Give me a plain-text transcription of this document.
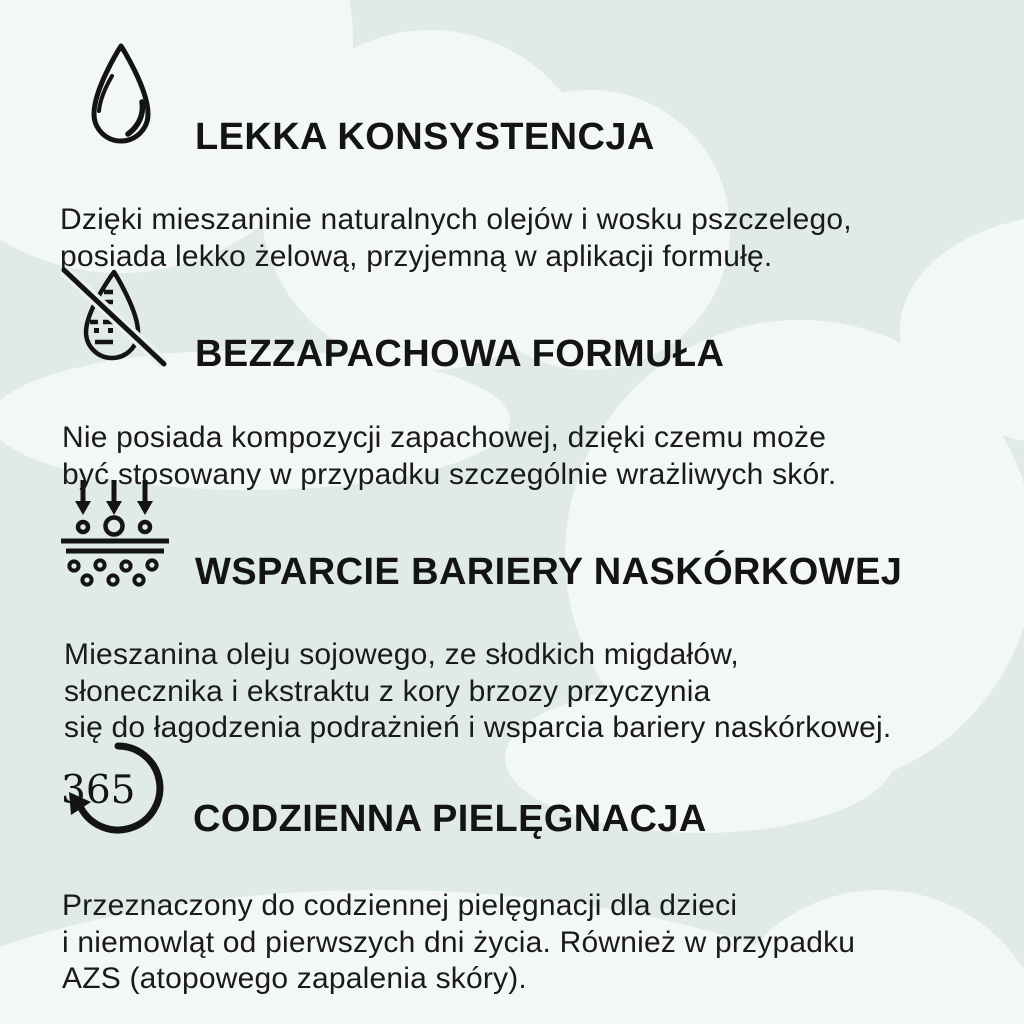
LEKKA KONSYSTENCJA

Dzięki mieszaninie naturalnych olejów i wosku pszczelego,
posiada lekko żelową, przyjemną w aplikacji formułę.

BEZZAPACHOWA FORMUŁA

Nie posiada kompozycji zapachowej, dzięki czemu może
być stosowany w przypadku szczególnie wrażliwych skór.

WSPARCIE BARIERY NASKÓRKOWEJ

Mieszanina oleju sojowego, ze słodkich migdałów,
słonecznika i ekstraktu z kory brzozy przyczynia
się do łagodzenia podrażnień i wsparcia bariery naskórkowej.

365
CODZIENNA PIELĘGNACJA

Przeznaczony do codziennej pielęgnacji dla dzieci
i niemowląt od pierwszych dni życia. Również w przypadku
AZS (atopowego zapalenia skóry).
